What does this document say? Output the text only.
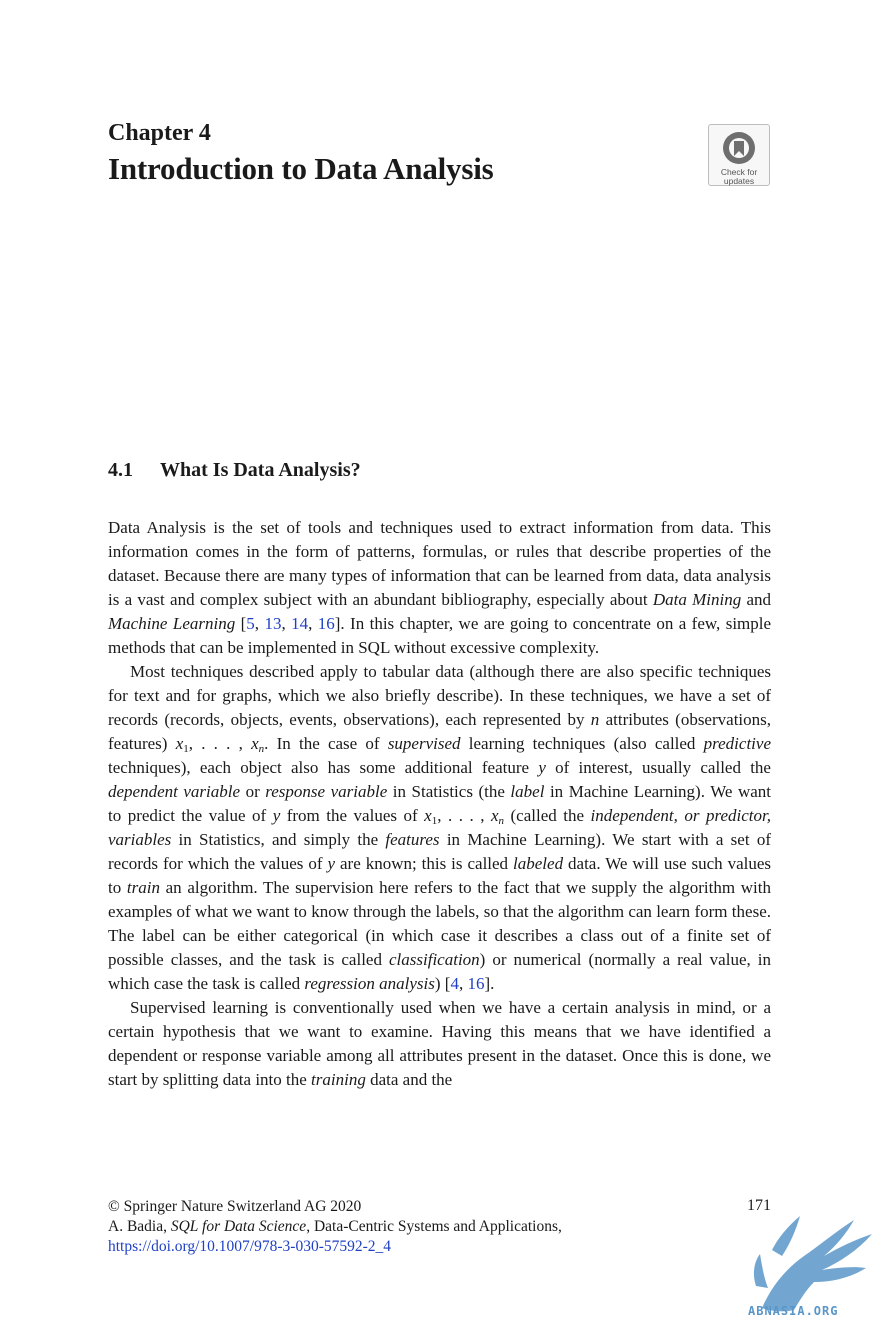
Chapter 4
Introduction to Data Analysis	Check for
updates
4.1 What Is Data Analysis?

Data Analysis is the set of tools and techniques used to extract information from data. This information comes in the form of patterns, formulas, or rules that describe properties of the dataset. Because there are many types of information that can be learned from data, data analysis is a vast and complex subject with an abundant bibliography, especially about Data Mining and Machine Learning [5, 13, 14, 16]. In this chapter, we are going to concentrate on a few, simple methods that can be implemented in SQL without excessive complexity.

Most techniques described apply to tabular data (although there are also specific techniques for text and for graphs, which we also briefly describe). In these techniques, we have a set of records (records, objects, events, observations), each represented by n attributes (observations, features) $x_1$, . . . , $x_n$. In the case of supervised learning techniques (also called predictive techniques), each object also has some additional feature y of interest, usually called the dependent variable or response variable in Statistics (the label in Machine Learning). We want to predict the value of y from the values of $x_1$, . . . , $x_n$ (called the independent, or predictor, variables in Statistics, and simply the features in Machine Learning). We start with a set of records for which the values of y are known; this is called labeled data. We will use such values to train an algorithm. The supervision here refers to the fact that we supply the algorithm with examples of what we want to know through the labels, so that the algorithm can learn form these. The label can be either categorical (in which case it describes a class out of a finite set of possible classes, and the task is called classification) or numerical (normally a real value, in which case the task is called regression analysis) [4, 16].

Supervised learning is conventionally used when we have a certain analysis in mind, or a certain hypothesis that we want to examine. Having this means that we have identified a dependent or response variable among all attributes present in the dataset. Once this is done, we start by splitting data into the training data and the

© Springer Nature Switzerland AG 2020
A. Badia, SQL for Data Science, Data-Centric Systems and Applications,
https://doi.org/10.1007/978-3-030-57592-2_4
171
ABNASIA.ORG
